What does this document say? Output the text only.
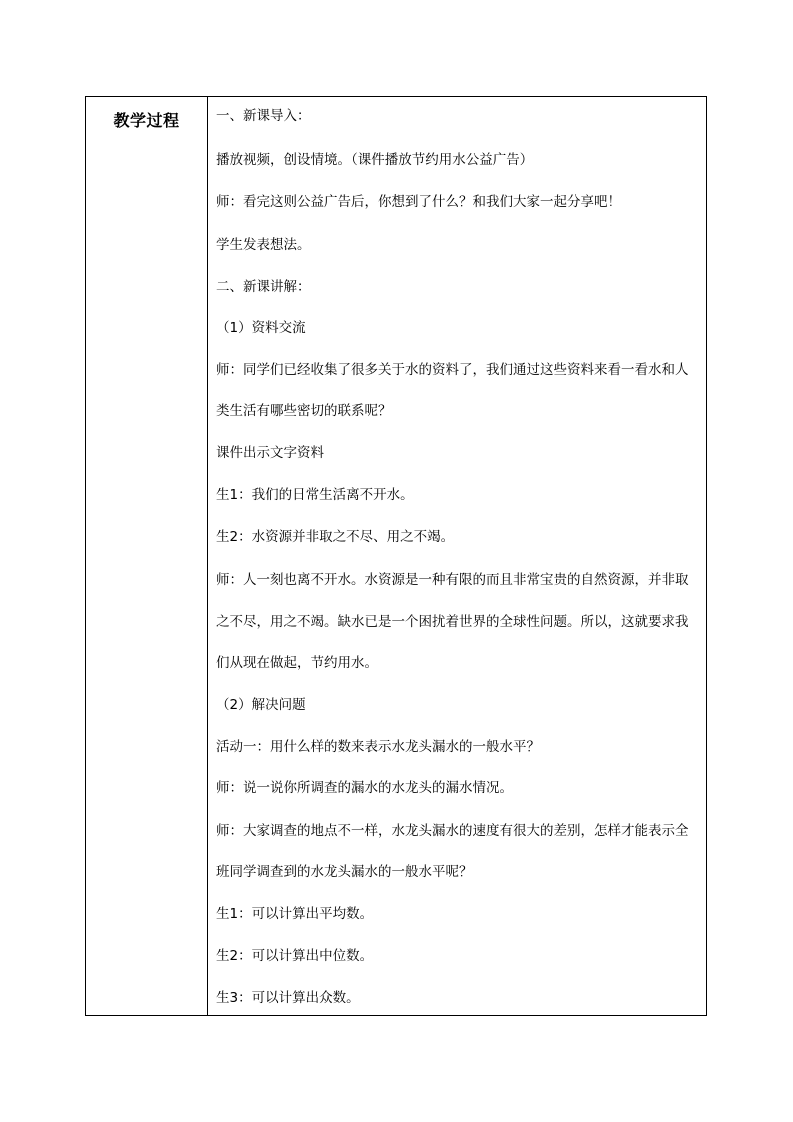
教学过程	一、新课导入：
播放视频，创设情境。（课件播放节约用水公益广告）
师：看完这则公益广告后，你想到了什么？和我们大家一起分享吧！
学生发表想法。
二、新课讲解：
（1）资料交流
师：同学们已经收集了很多关于水的资料了，我们通过这些资料来看一看水和人
类生活有哪些密切的联系呢？
课件出示文字资料
生1：我们的日常生活离不开水。
生2：水资源并非取之不尽、用之不竭。
师：人一刻也离不开水。水资源是一种有限的而且非常宝贵的自然资源，并非取
之不尽，用之不竭。缺水已是一个困扰着世界的全球性问题。所以，这就要求我
们从现在做起，节约用水。
（2）解决问题
活动一：用什么样的数来表示水龙头漏水的一般水平？
师：说一说你所调查的漏水的水龙头的漏水情况。
师：大家调查的地点不一样，水龙头漏水的速度有很大的差别，怎样才能表示全
班同学调查到的水龙头漏水的一般水平呢？
生1：可以计算出平均数。
生2：可以计算出中位数。
生3：可以计算出众数。
